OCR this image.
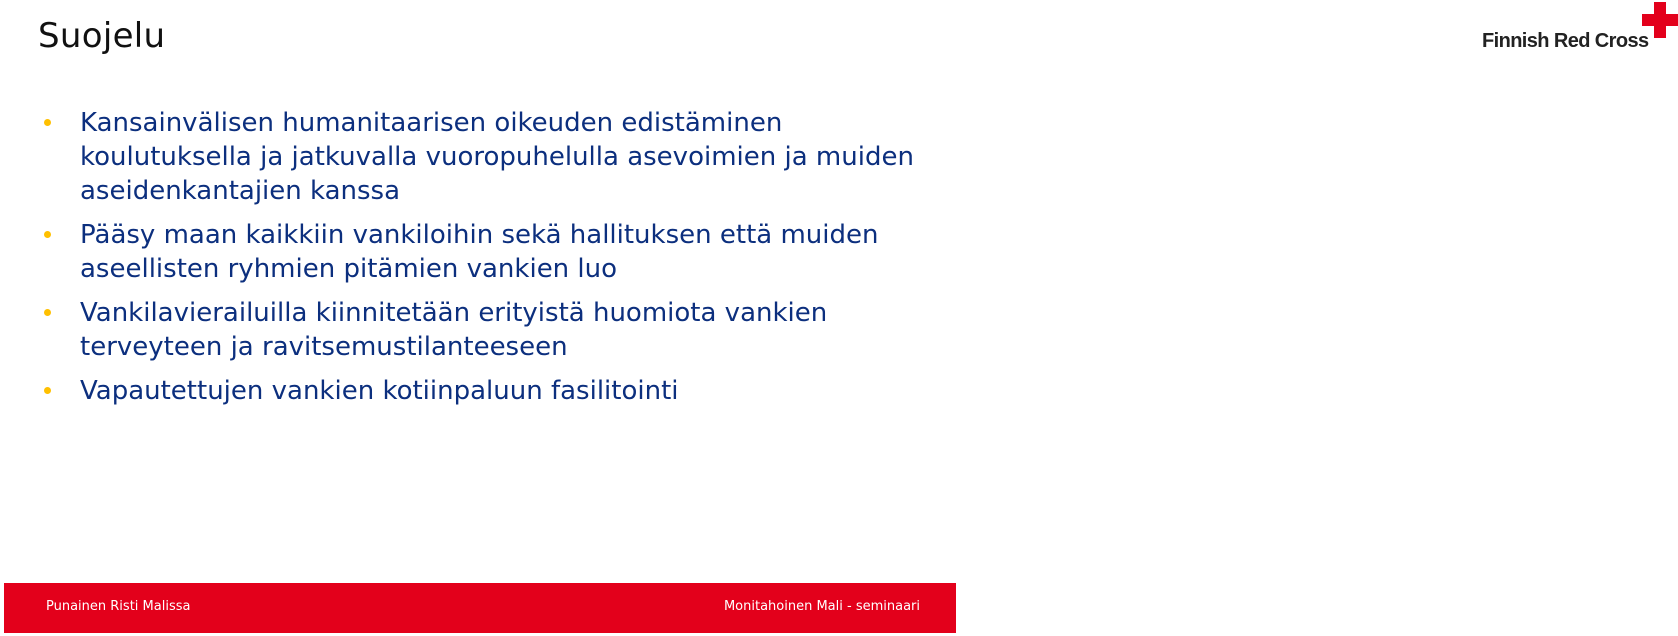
Suojelu	Finnish Red Cross
Kansainvälisen humanitaarisen oikeuden edistäminen koulutuksella ja jatkuvalla vuoropuhelulla asevoimien ja muiden aseidenkantajien kanssa
Pääsy maan kaikkiin vankiloihin sekä hallituksen että muiden aseellisten ryhmien pitämien vankien luo
Vankilavierailuilla kiinnitetään erityistä huomiota vankien terveyteen ja ravitsemustilanteeseen
Vapautettujen vankien kotiinpaluun fasilitointi
Punainen Risti Malissa	Monitahoinen Mali - seminaari
